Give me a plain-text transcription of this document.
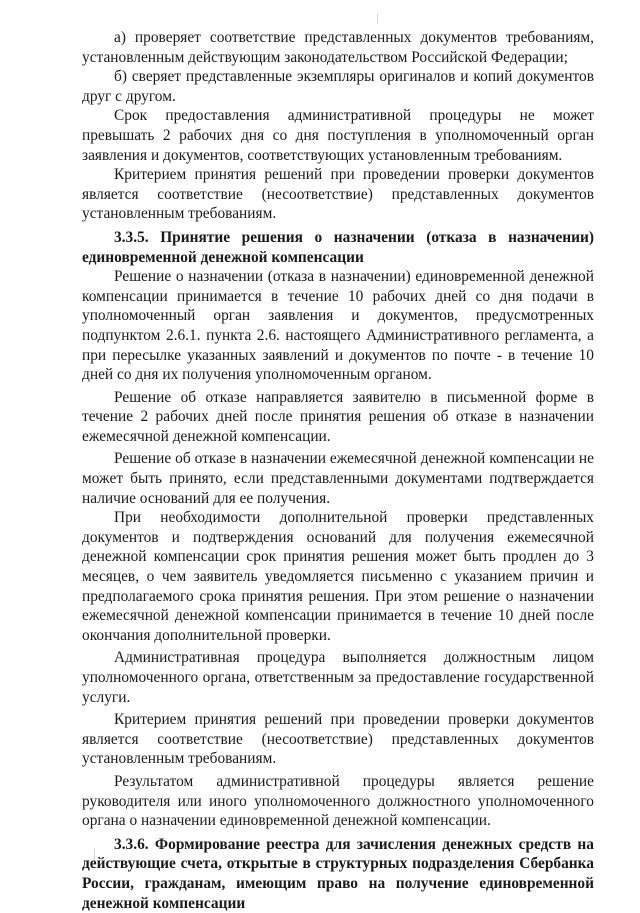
а) проверяет соответствие представленных документов требованиям, установленным действующим законодательством Российской Федерации;

б) сверяет представленные экземпляры оригиналов и копий документов друг с другом.

Срок предоставления административной процедуры не может превышать 2 рабочих дня со дня поступления в уполномоченный орган заявления и документов, соответствующих установленным требованиям.

Критерием принятия решений при проведении проверки документов является соответствие (несоответствие) представленных документов установленным требованиям.

3.3.5. Принятие решения о назначении (отказа в назначении) единовременной денежной компенсации

Решение о назначении (отказа в назначении) единовременной денежной компенсации принимается в течение 10 рабочих дней со дня подачи в уполномоченный орган заявления и документов, предусмотренных подпунктом 2.6.1. пункта 2.6. настоящего Административного регламента, а при пересылке указанных заявлений и документов по почте - в течение 10 дней со дня их получения уполномоченным органом.

Решение об отказе направляется заявителю в письменной форме в течение 2 рабочих дней после принятия решения об отказе в назначении ежемесячной денежной компенсации.

Решение об отказе в назначении ежемесячной денежной компенсации не может быть принято, если представленными документами подтверждается наличие оснований для ее получения.

При необходимости дополнительной проверки представленных документов и подтверждения оснований для получения ежемесячной денежной компенсации срок принятия решения может быть продлен до 3 месяцев, о чем заявитель уведомляется письменно с указанием причин и предполагаемого срока принятия решения. При этом решение о назначении ежемесячной денежной компенсации принимается в течение 10 дней после окончания дополнительной проверки.

Административная процедура выполняется должностным лицом уполномоченного органа, ответственным за предоставление государственной услуги.

Критерием принятия решений при проведении проверки документов является соответствие (несоответствие) представленных документов установленным требованиям.

Результатом административной процедуры является решение руководителя или иного уполномоченного должностного уполномоченного органа о назначении единовременной денежной компенсации.

3.3.6. Формирование реестра для зачисления денежных средств на действующие счета, открытые в структурных подразделения Сбербанка России, гражданам, имеющим право на получение единовременной денежной компенсации
